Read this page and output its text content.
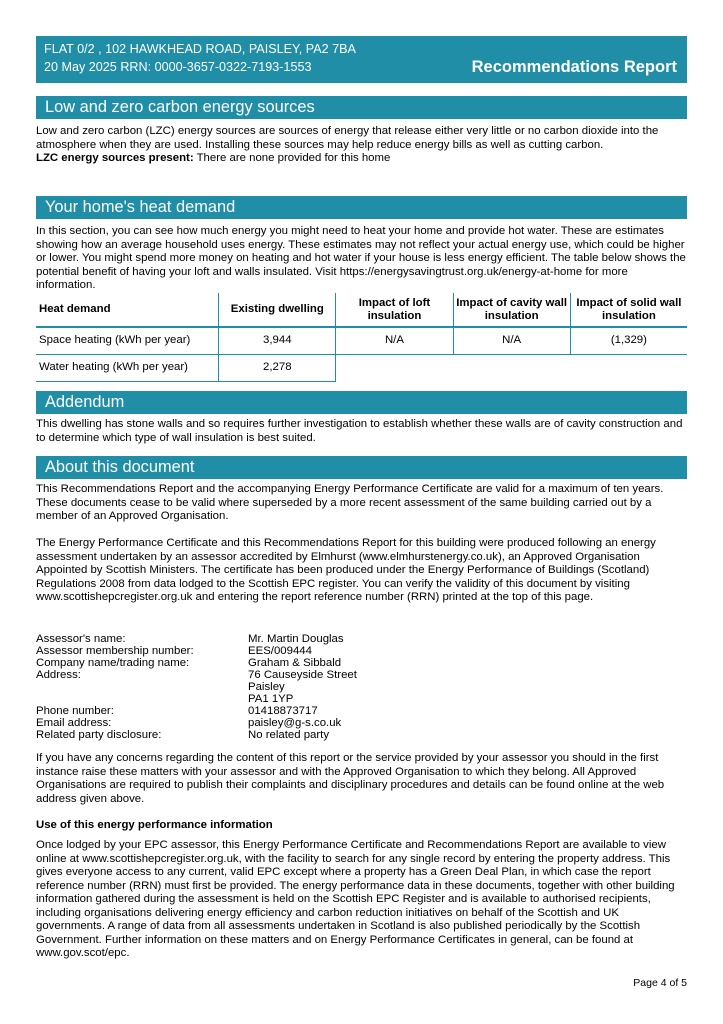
FLAT 0/2 , 102 HAWKHEAD ROAD, PAISLEY, PA2 7BA
20 May 2025 RRN: 0000-3657-0322-7193-1553	Recommendations Report
Low and zero carbon energy sources

Low and zero carbon (LZC) energy sources are sources of energy that release either very little or no carbon dioxide into the atmosphere when they are used. Installing these sources may help reduce energy bills as well as cutting carbon.

LZC energy sources present: There are none provided for this home

Your home's heat demand
In this section, you can see how much energy you might need to heat your home and provide hot water. These are estimates showing how an average household uses energy. These estimates may not reflect your actual energy use, which could be higher or lower. You might spend more money on heating and hot water if your house is less energy efficient. The table below shows the potential benefit of having your loft and walls insulated. Visit https://energysavingtrust.org.uk/energy-at-home for more information.
Heat demand	Existing dwelling	Impact of loft insulation	Impact of cavity wall insulation	Impact of solid wall insulation
Space heating (kWh per year)	3,944	N/A	N/A	(1,329)
Water heating (kWh per year)	2,278			
Addendum
This dwelling has stone walls and so requires further investigation to establish whether these walls are of cavity construction and to determine which type of wall insulation is best suited.
About this document
This Recommendations Report and the accompanying Energy Performance Certificate are valid for a maximum of ten years. These documents cease to be valid where superseded by a more recent assessment of the same building carried out by a member of an Approved Organisation.
The Energy Performance Certificate and this Recommendations Report for this building were produced following an energy assessment undertaken by an assessor accredited by Elmhurst (www.elmhurstenergy.co.uk), an Approved Organisation Appointed by Scottish Ministers. The certificate has been produced under the Energy Performance of Buildings (Scotland) Regulations 2008 from data lodged to the Scottish EPC register. You can verify the validity of this document by visiting www.scottishepcregister.org.uk and entering the report reference number (RRN) printed at the top of this page.
Assessor's name:	Mr. Martin Douglas
Assessor membership number:	EES/009444
Company name/trading name:	Graham & Sibbald
Address:	76 Causeyside Street
Paisley
PA1 1YP
Phone number:	01418873717
Email address:	paisley@g-s.co.uk
Related party disclosure:	No related party
If you have any concerns regarding the content of this report or the service provided by your assessor you should in the first instance raise these matters with your assessor and with the Approved Organisation to which they belong. All Approved Organisations are required to publish their complaints and disciplinary procedures and details can be found online at the web address given above.
Use of this energy performance information
Once lodged by your EPC assessor, this Energy Performance Certificate and Recommendations Report are available to view online at www.scottishepcregister.org.uk, with the facility to search for any single record by entering the property address. This gives everyone access to any current, valid EPC except where a property has a Green Deal Plan, in which case the report reference number (RRN) must first be provided. The energy performance data in these documents, together with other building information gathered during the assessment is held on the Scottish EPC Register and is available to authorised recipients, including organisations delivering energy efficiency and carbon reduction initiatives on behalf of the Scottish and UK governments. A range of data from all assessments undertaken in Scotland is also published periodically by the Scottish Government. Further information on these matters and on Energy Performance Certificates in general, can be found at www.gov.scot/epc.
Page 4 of 5
